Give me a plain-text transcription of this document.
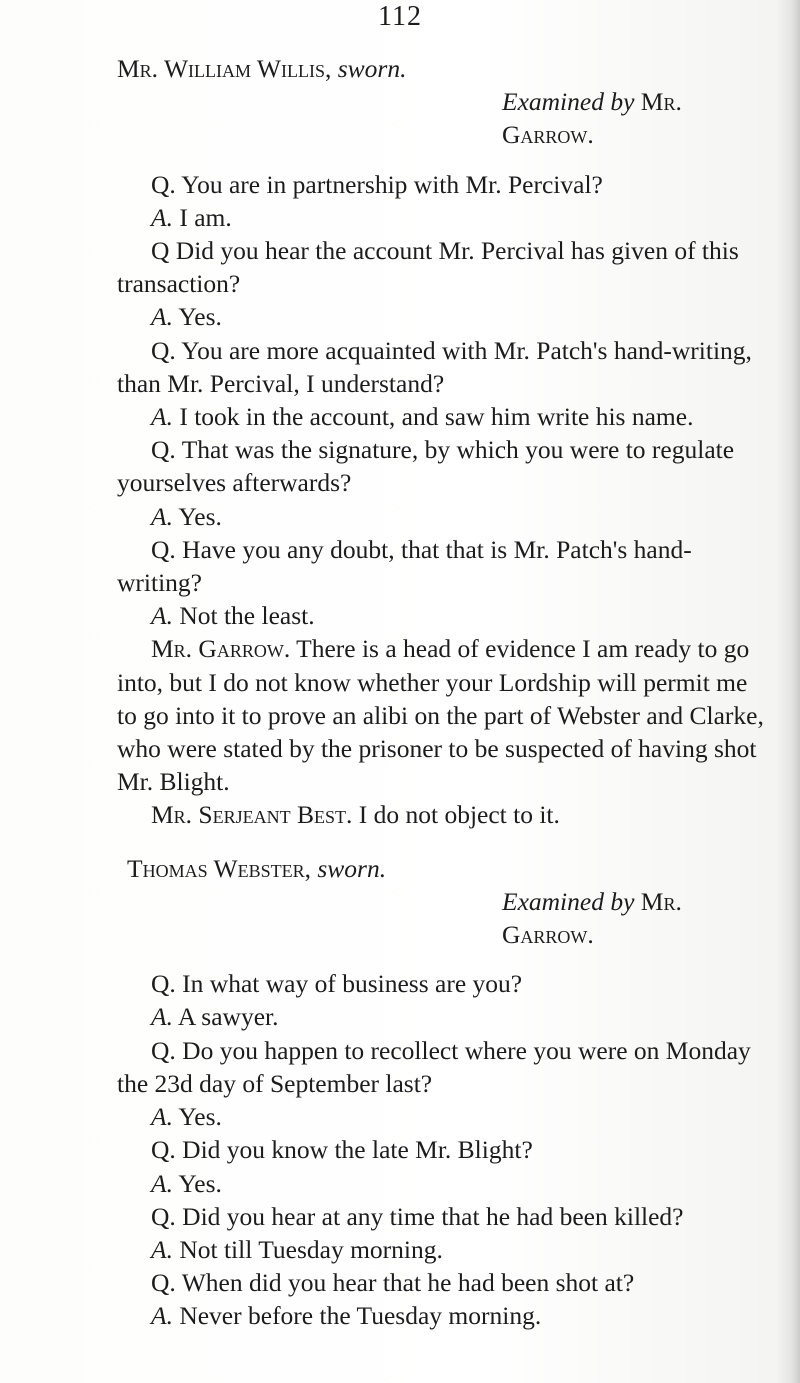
112

Mr. William Willis, sworn.

Examined by Mr. Garrow.

Q. You are in partnership with Mr. Percival?

A. I am.

Q Did you hear the account Mr. Percival has given of this transaction?

A. Yes.

Q. You are more acquainted with Mr. Patch's hand-writing, than Mr. Percival, I understand?

A. I took in the account, and saw him write his name.

Q. That was the signature, by which you were to regulate yourselves afterwards?

A. Yes.

Q. Have you any doubt, that that is Mr. Patch's hand-writing?

A. Not the least.

Mr. Garrow. There is a head of evidence I am ready to go into, but I do not know whether your Lordship will permit me to go into it to prove an alibi on the part of Webster and Clarke, who were stated by the prisoner to be suspected of having shot Mr. Blight.

Mr. Serjeant Best. I do not object to it.

Thomas Webster, sworn.

Examined by Mr. Garrow.

Q. In what way of business are you?

A. A sawyer.

Q. Do you happen to recollect where you were on Monday the 23d day of September last?

A. Yes.

Q. Did you know the late Mr. Blight?

A. Yes.

Q. Did you hear at any time that he had been killed?

A. Not till Tuesday morning.

Q. When did you hear that he had been shot at?

A. Never before the Tuesday morning.
